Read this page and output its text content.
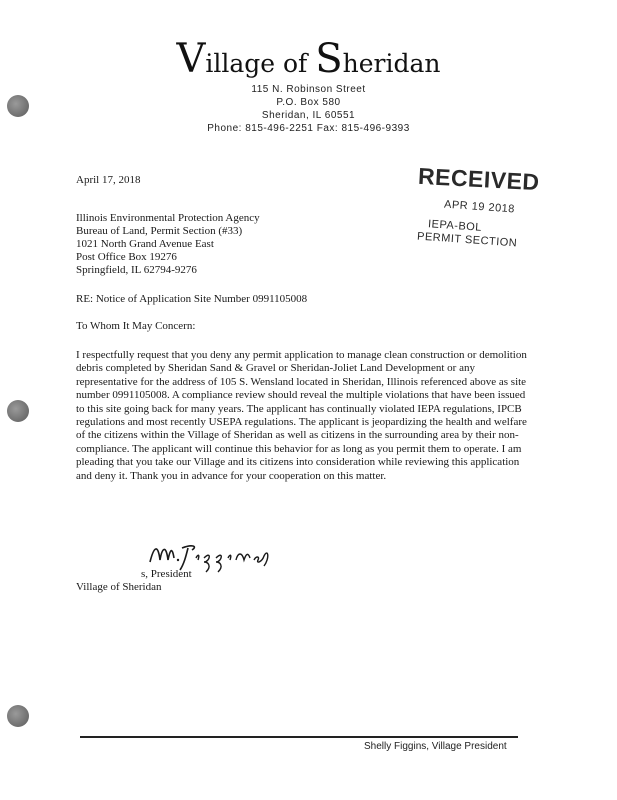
Village of Sheridan
115 N. Robinson Street
P.O. Box 580
Sheridan, IL 60551
Phone: 815-496-2251 Fax: 815-496-9393
RECEIVED
APR 19 2018
IEPA-BOL
PERMIT SECTION
April 17, 2018
Illinois Environmental Protection Agency
Bureau of Land, Permit Section (#33)
1021 North Grand Avenue East
Post Office Box 19276
Springfield, IL 62794-9276
RE: Notice of Application Site Number 0991105008
To Whom It May Concern:
I respectfully request that you deny any permit application to manage clean construction or demolition debris completed by Sheridan Sand & Gravel or Sheridan-Joliet Land Development or any representative for the address of 105 S. Wensland located in Sheridan, Illinois referenced above as site number 0991105008. A compliance review should reveal the multiple violations that have been issued to this site going back for many years. The applicant has continually violated IEPA regulations, IPCB regulations and most recently USEPA regulations. The applicant is jeopardizing the health and welfare of the citizens within the Village of Sheridan as well as citizens in the surrounding area by their non-compliance. The applicant will continue this behavior for as long as you permit them to operate. I am pleading that you take our Village and its citizens into consideration while reviewing this application and deny it. Thank you in advance for your cooperation on this matter.
s, President
Village of Sheridan
Shelly Figgins, Village President
